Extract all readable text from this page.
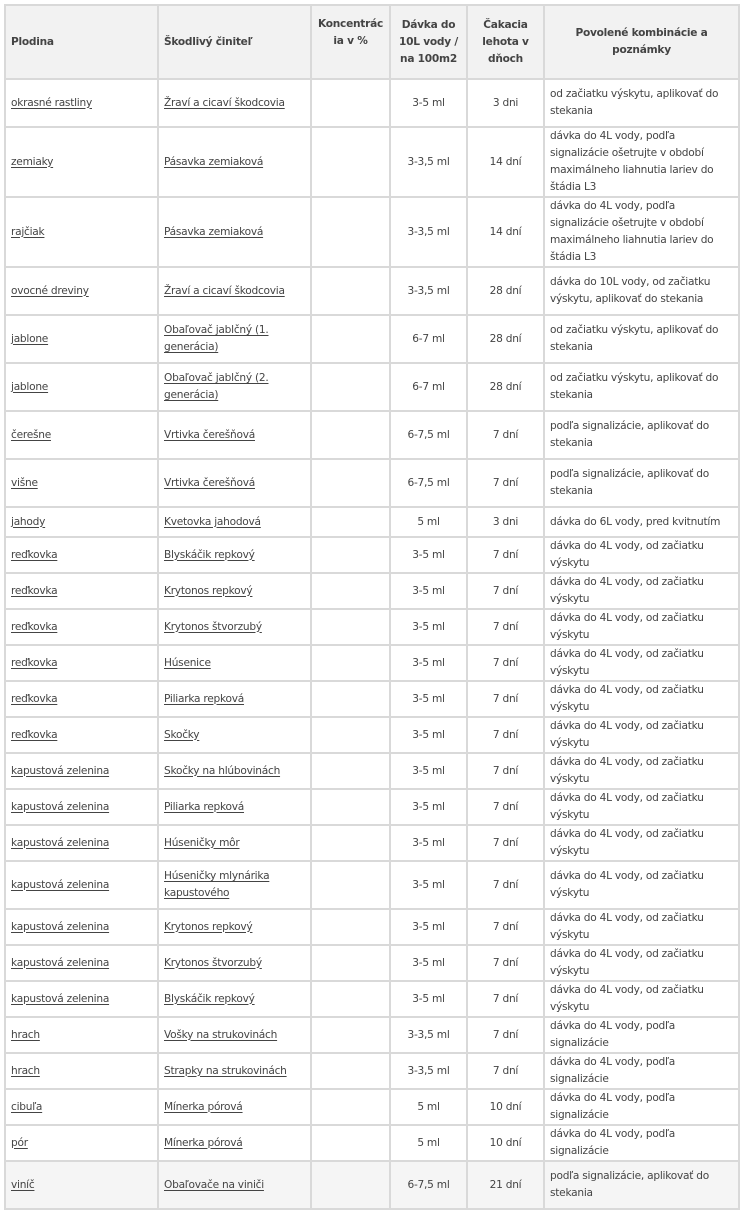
Plodina	Škodlivý činiteľ	Koncentrácia v %	Dávka do 10L vody / na 100m2	Čakacia lehota v dňoch	Povolené kombinácie a poznámky
okrasné rastliny	Žraví a cicaví škodcovia		3-5 ml	3 dni	od začiatku výskytu, aplikovať do stekania
zemiaky	Pásavka zemiaková		3-3,5 ml	14 dní	dávka do 4L vody, podľa signalizácie ošetrujte v období maximálneho liahnutia lariev do štádia L3
rajčiak	Pásavka zemiaková		3-3,5 ml	14 dní	dávka do 4L vody, podľa signalizácie ošetrujte v období maximálneho liahnutia lariev do štádia L3
ovocné dreviny	Žraví a cicaví škodcovia		3-3,5 ml	28 dní	dávka do 10L vody, od začiatku výskytu, aplikovať do stekania
jablone	Obaľovač jablčný (1. generácia)		6-7 ml	28 dní	od začiatku výskytu, aplikovať do stekania
jablone	Obaľovač jablčný (2. generácia)		6-7 ml	28 dní	od začiatku výskytu, aplikovať do stekania
čerešne	Vrtivka čerešňová		6-7,5 ml	7 dní	podľa signalizácie, aplikovať do stekania
višne	Vrtivka čerešňová		6-7,5 ml	7 dní	podľa signalizácie, aplikovať do stekania
jahody	Kvetovka jahodová		5 ml	3 dni	dávka do 6L vody, pred kvitnutím
reďkovka	Blyskáčik repkový		3-5 ml	7 dní	dávka do 4L vody, od začiatku výskytu
reďkovka	Krytonos repkový		3-5 ml	7 dní	dávka do 4L vody, od začiatku výskytu
reďkovka	Krytonos štvorzubý		3-5 ml	7 dní	dávka do 4L vody, od začiatku výskytu
reďkovka	Húsenice		3-5 ml	7 dní	dávka do 4L vody, od začiatku výskytu
reďkovka	Piliarka repková		3-5 ml	7 dní	dávka do 4L vody, od začiatku výskytu
reďkovka	Skočky		3-5 ml	7 dní	dávka do 4L vody, od začiatku výskytu
kapustová zelenina	Skočky na hlúbovinách		3-5 ml	7 dní	dávka do 4L vody, od začiatku výskytu
kapustová zelenina	Piliarka repková		3-5 ml	7 dní	dávka do 4L vody, od začiatku výskytu
kapustová zelenina	Húseničky môr		3-5 ml	7 dní	dávka do 4L vody, od začiatku výskytu
kapustová zelenina	Húseničky mlynárika kapustového		3-5 ml	7 dní	dávka do 4L vody, od začiatku výskytu
kapustová zelenina	Krytonos repkový		3-5 ml	7 dní	dávka do 4L vody, od začiatku výskytu
kapustová zelenina	Krytonos štvorzubý		3-5 ml	7 dní	dávka do 4L vody, od začiatku výskytu
kapustová zelenina	Blyskáčik repkový		3-5 ml	7 dní	dávka do 4L vody, od začiatku výskytu
hrach	Vošky na strukovinách		3-3,5 ml	7 dní	dávka do 4L vody, podľa signalizácie
hrach	Strapky na strukovinách		3-3,5 ml	7 dní	dávka do 4L vody, podľa signalizácie
cibuľa	Mínerka pórová		5 ml	10 dní	dávka do 4L vody, podľa signalizácie
pór	Mínerka pórová		5 ml	10 dní	dávka do 4L vody, podľa signalizácie
viníč	Obaľovače na viniči		6-7,5 ml	21 dní	podľa signalizácie, aplikovať do stekania
